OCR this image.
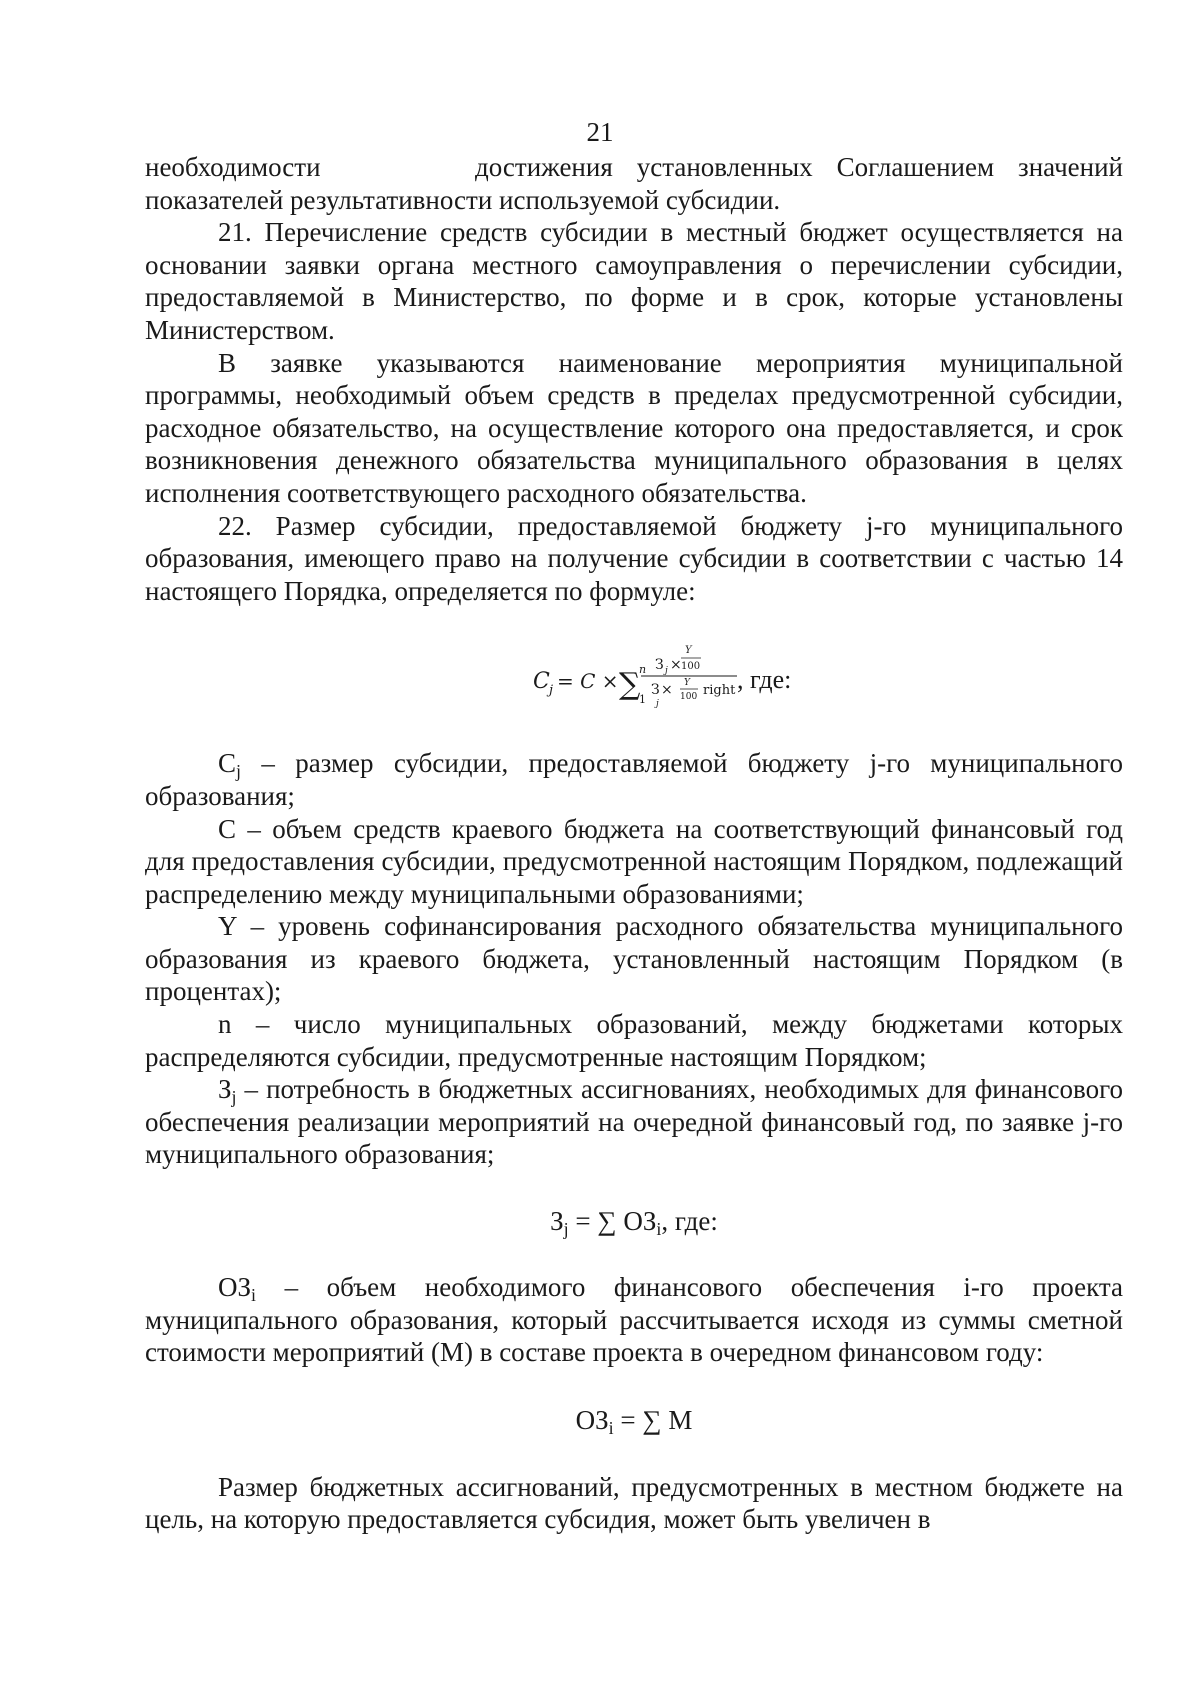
21

необходимости	достижения установленных Соглашением значений показателей результативности используемой субсидии.

21. Перечисление средств субсидии в местный бюджет осуществляется на основании заявки органа местного самоуправления о перечислении субсидии, предоставляемой в Министерство, по форме и в срок, которые установлены Министерством.

В заявке указываются наименование мероприятия муниципальной программы, необходимый объем средств в пределах предусмотренной субсидии, расходное обязательство, на осуществление которого она предоставляется, и срок возникновения денежного обязательства муниципального образования в целях исполнения соответствующего расходного обязательства.

22. Размер субсидии, предоставляемой бюджету j-го муниципального образования, имеющего право на получение субсидии в соответствии с частью 14 настоящего Порядка, определяется по формуле:

C j = C × ∑
n
1
З j ×
Y
100
З
j
× Y
100 right , где:

$C_j$ – размер субсидии, предоставляемой бюджету j-го муниципального образования;

C – объем средств краевого бюджета на соответствующий финансовый год для предоставления субсидии, предусмотренной настоящим Порядком, подлежащий распределению между муниципальными образованиями;

Y – уровень софинансирования расходного обязательства муниципального образования из краевого бюджета, установленный настоящим Порядком (в процентах);

n – число муниципальных образований, между бюджетами которых распределяются субсидии, предусмотренные настоящим Порядком;

$З_j$ – потребность в бюджетных ассигнованиях, необходимых для финансового обеспечения реализации мероприятий на очередной финансовый год, по заявке j-го муниципального образования;

$З_j$ = ∑ $ОЗ_i$, где:

$ОЗ_i$ – объем необходимого финансового обеспечения i-го проекта муниципального образования, который рассчитывается исходя из суммы сметной стоимости мероприятий (М) в составе проекта в очередном финансовом году:

$ОЗ_i$ = ∑ М

Размер бюджетных ассигнований, предусмотренных в местном бюджете на цель, на которую предоставляется субсидия, может быть увеличен в
